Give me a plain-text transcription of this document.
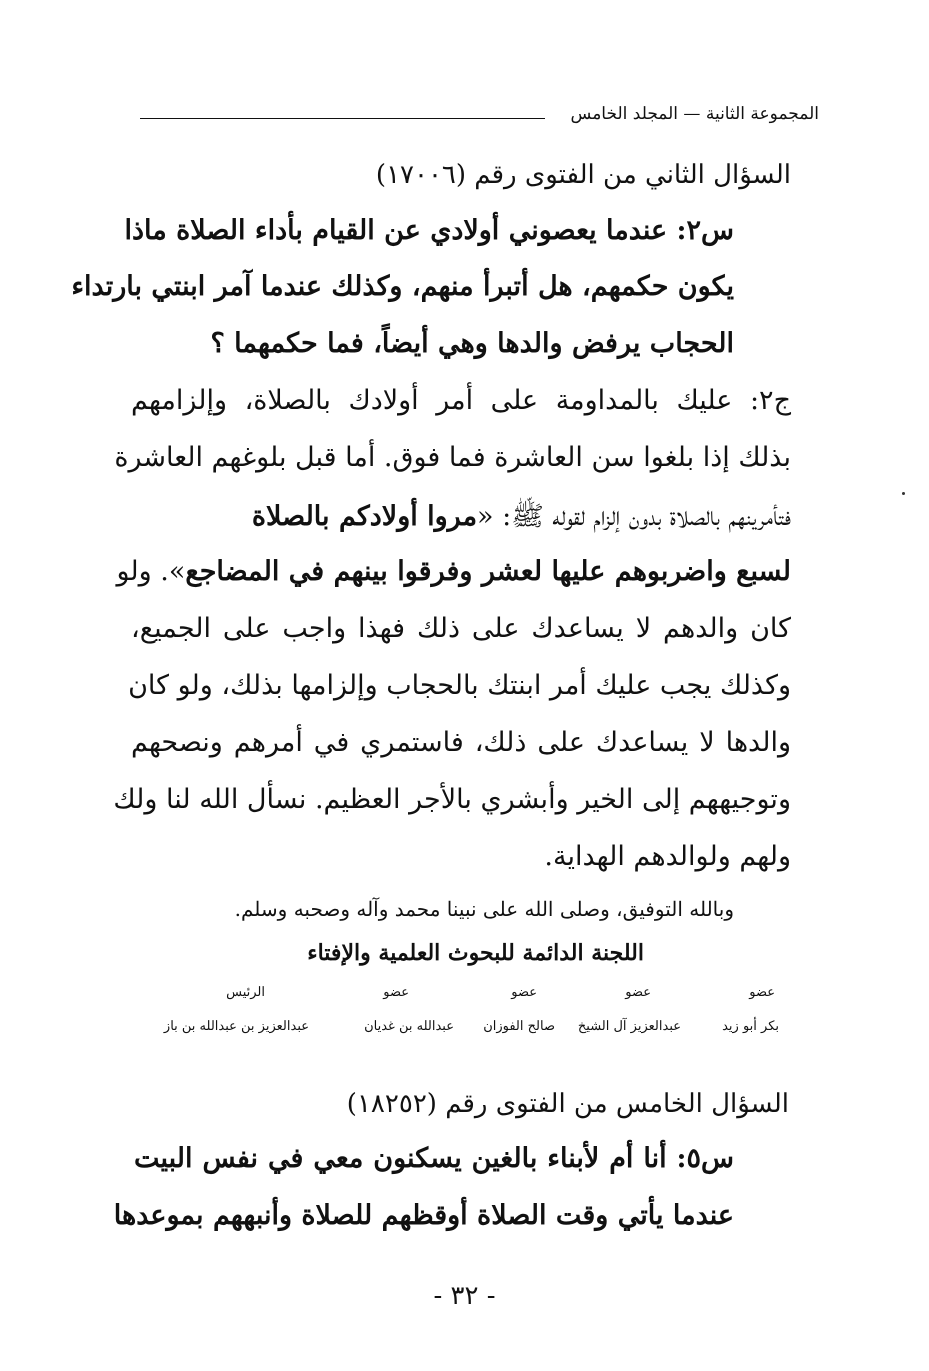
المجموعة الثانية — المجلد الخامس
السؤال الثاني من الفتوى رقم (١٧٠٠٦)
س٢: عندما يعصوني أولادي عن القيام بأداء الصلاة ماذا
يكون حكمهم، هل أتبرأ منهم، وكذلك عندما آمر ابنتي بارتداء
الحجاب يرفض والدها وهي أيضاً، فما حكمهما ؟
ج٢: عليك بالمداومة على أمر أولادك بالصلاة، وإلزامهم
بذلك إذا بلغوا سن العاشرة فما فوق. أما قبل بلوغهم العاشرة
فتأمرينهم بالصلاة بدون إلزام لقوله ﷺ: «مروا أولادكم بالصلاة
لسبع واضربوهم عليها لعشر وفرقوا بينهم في المضاجع». ولو
كان والدهم لا يساعدك على ذلك فهذا واجب على الجميع،
وكذلك يجب عليك أمر ابنتك بالحجاب وإلزامها بذلك، ولو كان
والدها لا يساعدك على ذلك، فاستمري في أمرهم ونصحهم
وتوجيههم إلى الخير وأبشري بالأجر العظيم. نسأل الله لنا ولك
ولهم ولوالدهم الهداية.
وبالله التوفيق، وصلى الله على نبينا محمد وآله وصحبه وسلم.
اللجنة الدائمة للبحوث العلمية والإفتاء
عضو
عضو
عضو
عضو
الرئيس
بكر أبو زيد
عبدالعزيز آل الشيخ
صالح الفوزان
عبدالله بن غديان
عبدالعزيز بن عبدالله بن باز
السؤال الخامس من الفتوى رقم (١٨٢٥٢)
س٥: أنا أم لأبناء بالغين يسكنون معي في نفس البيت
عندما يأتي وقت الصلاة أوقظهم للصلاة وأنبههم بموعدها
- ٣٢ -
